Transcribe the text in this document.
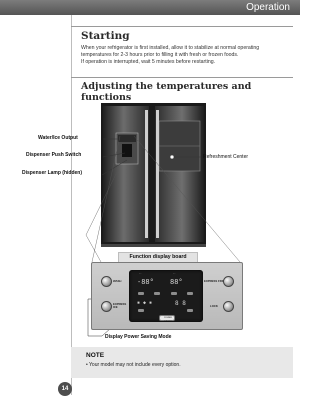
Operation
Starting

When your refrigerator is first installed, allow it to stabilize at normal operating
temperatures for 2-3 hours prior to filling it with fresh or frozen foods.
If operation is interrupted, wait 5 minutes before restarting.

Adjusting the temperatures and functions
Water/Ice Output
Dispenser Push Switch
Dispenser Lamp (hidden)
Refreshment Center
Function display board
WASH
EXPRESS ICE
◦ ◦	◦ ◦
-88° 88°
▪ ◆ ▪	8 8
POWER SAVING
EXPRESS FRZ
LOCK
Display Power Saving Mode
NOTE
• Your model may not include every option.
14
